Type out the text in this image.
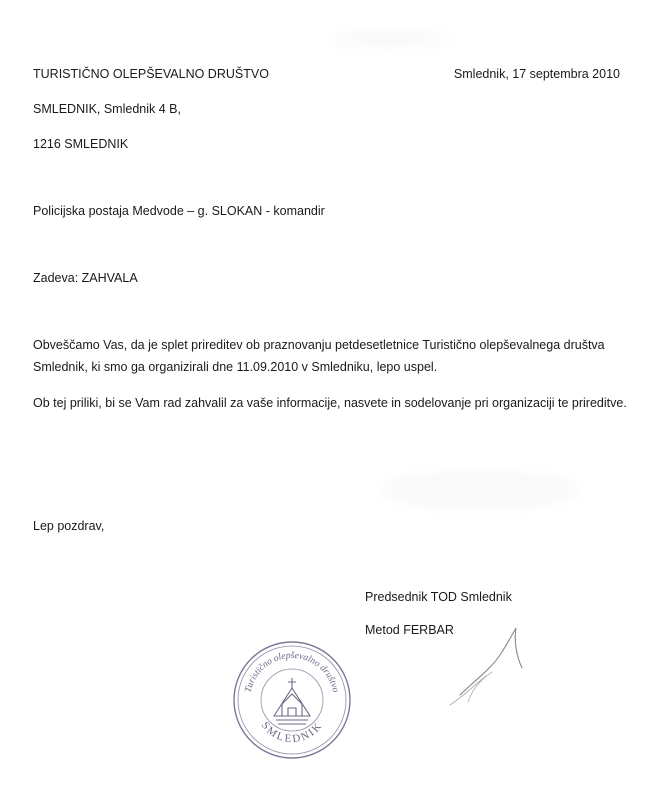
TURISTIČNO OLEPŠEVALNO DRUŠTVO
SMLEDNIK, Smlednik 4 B,
1216 SMLEDNIK
Smlednik, 17 septembra 2010
Policijska postaja Medvode – g. SLOKAN - komandir
Zadeva: ZAHVALA
Obveščamo Vas, da je splet prireditev ob praznovanju petdesetletnice Turistično olepševalnega društva Smlednik, ki smo ga organizirali dne 11.09.2010 v Smledniku, lepo uspel.
Ob tej priliki, bi se Vam rad zahvalil za vaše informacije, nasvete in sodelovanje pri organizaciji te prireditve.
Lep pozdrav,
Predsednik TOD Smlednik
Metod FERBAR
Turistično olepševalno društvo
SMLEDNIK
